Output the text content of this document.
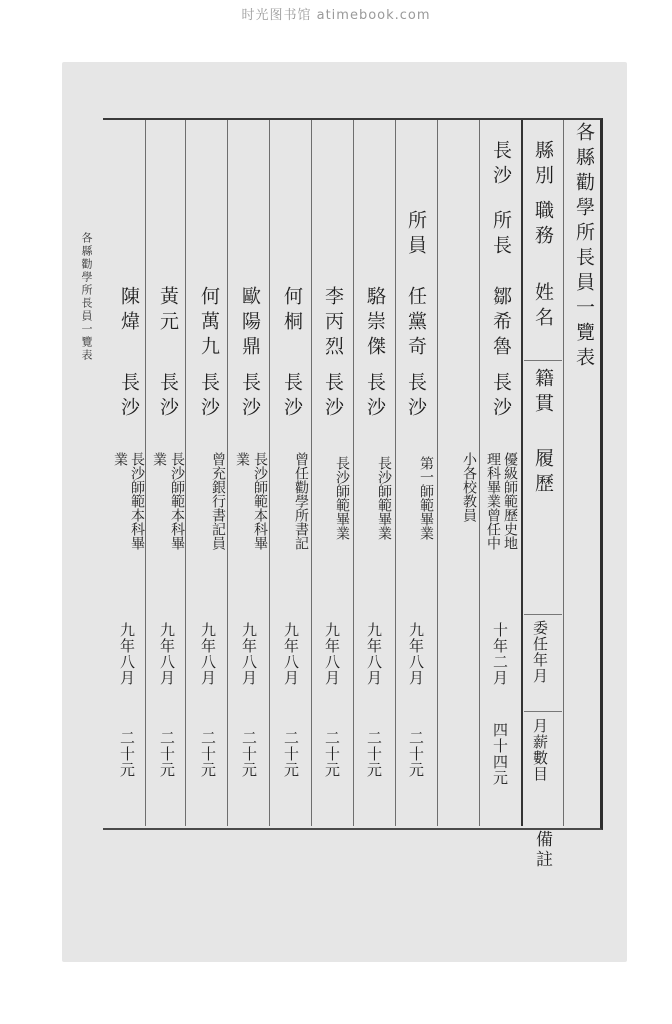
时光图书馆 atimebook.com
各縣勸學所長員一覽表
各縣勸學所長員一覽表
縣別
職務
姓名
籍貫
履歷
委任年月
月薪數目
備註
長沙
所長
鄒希魯
長沙
優級師範歷史地
理科畢業曾任中
小各校教員
十年二月
四十四元
所員
任黨奇
長沙
第一師範畢業
九年八月
二十元
駱崇傑
長沙
長沙師範畢業
九年八月
二十元
李丙烈
長沙
長沙師範畢業
九年八月
二十元
何桐
長沙
曾任勸學所書記
九年八月
二十元
歐陽鼎
長沙
長沙師範本科畢
業
九年八月
二十元
何萬九
長沙
曾充銀行書記員
九年八月
二十元
黃元
長沙
長沙師範本科畢
業
九年八月
二十元
陳煒
長沙
長沙師範本科畢
業
九年八月
二十元
